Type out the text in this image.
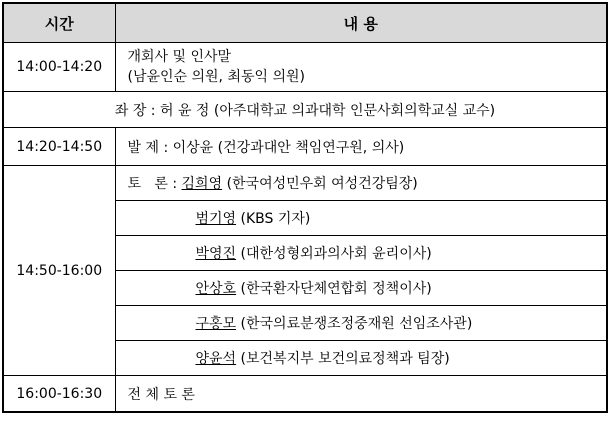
시간	내 용
14:00-14:20	개회사 및 인사말
(남윤인순 의원, 최동익 의원)

좌 장 : 허 윤 정 (아주대학교 의과대학 인문사회의학교실 교수)	
14:20-14:50	발 제 : 이상윤 (건강과대안 책임연구원, 의사)
14:50-16:00	토   론 : 김희영 (한국여성민우회 여성건강팀장)
	범기영 (KBS 기자)
	박영진 (대한성형외과의사회 윤리이사)
	안상호 (한국환자단체연합회 정책이사)
	구홍모 (한국의료분쟁조정중재원 선임조사관)
	양윤석 (보건복지부 보건의료정책과 팀장)
16:00-16:30	전 체 토 론
